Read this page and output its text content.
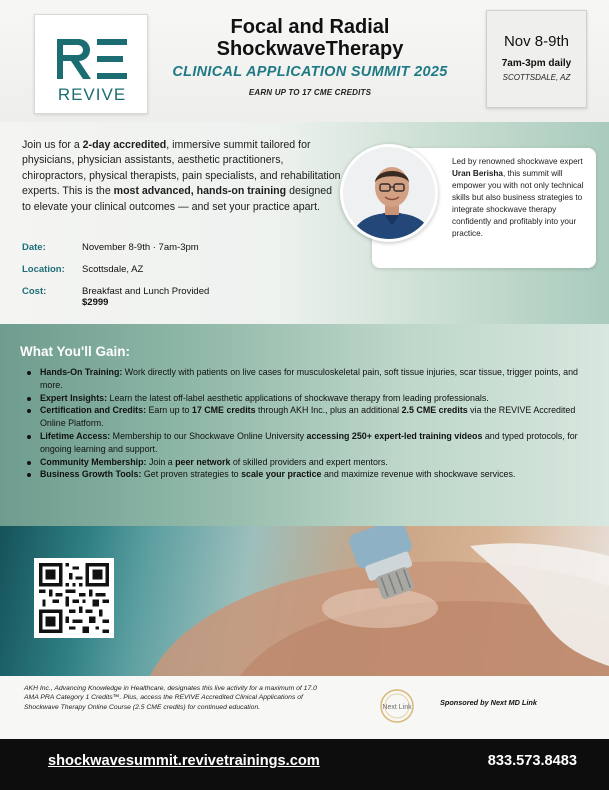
REVIVE
Focal and Radial
ShockwaveTherapy
CLINICAL APPLICATION SUMMIT 2025
EARN UP TO 17 CME CREDITS
Nov 8-9th
7am-3pm daily
SCOTTSDALE, AZ

Join us for a 2-day accredited, immersive summit tailored for physicians, physician assistants, aesthetic practitioners, chiropractors, physical therapists, pain specialists, and rehabilitation experts. This is the most advanced, hands-on training designed to elevate your clinical outcomes — and set your practice apart.

Date:	November 8-9th · 7am-3pm
Location: Scottsdale, AZ
Cost:	Breakfast and Lunch Provided
$2999

Led by renowned shockwave expert Uran Berisha, this summit will empower you with not only technical skills but also business strategies to integrate shockwave therapy confidently and profitably into your practice.

What You'll Gain:
Hands-On Training: Work directly with patients on live cases for musculoskeletal pain, soft tissue injuries, scar tissue, trigger points, and more.
Expert Insights: Learn the latest off-label aesthetic applications of shockwave therapy from leading professionals.
Certification and Credits: Earn up to 17 CME credits through AKH Inc., plus an additional 2.5 CME credits via the REVIVE Accredited Online Platform.
Lifetime Access: Membership to our Shockwave Online University accessing 250+ expert-led training videos and typed protocols, for ongoing learning and support.
Community Membership: Join a peer network of skilled providers and expert mentors.
Business Growth Tools: Get proven strategies to scale your practice and maximize revenue with shockwave services.

AKH Inc., Advancing Knowledge in Healthcare, designates this live activity for a maximum of 17.0 AMA PRA Category 1 Credits™. Plus, access the REVIVE Accredited Clinical Applications of Shockwave Therapy Online Course (2.5 CME credits) for continued education.	Next Link
Sponsored by Next MD Link
shockwavesummit.revivetrainings.com	833.573.8483
